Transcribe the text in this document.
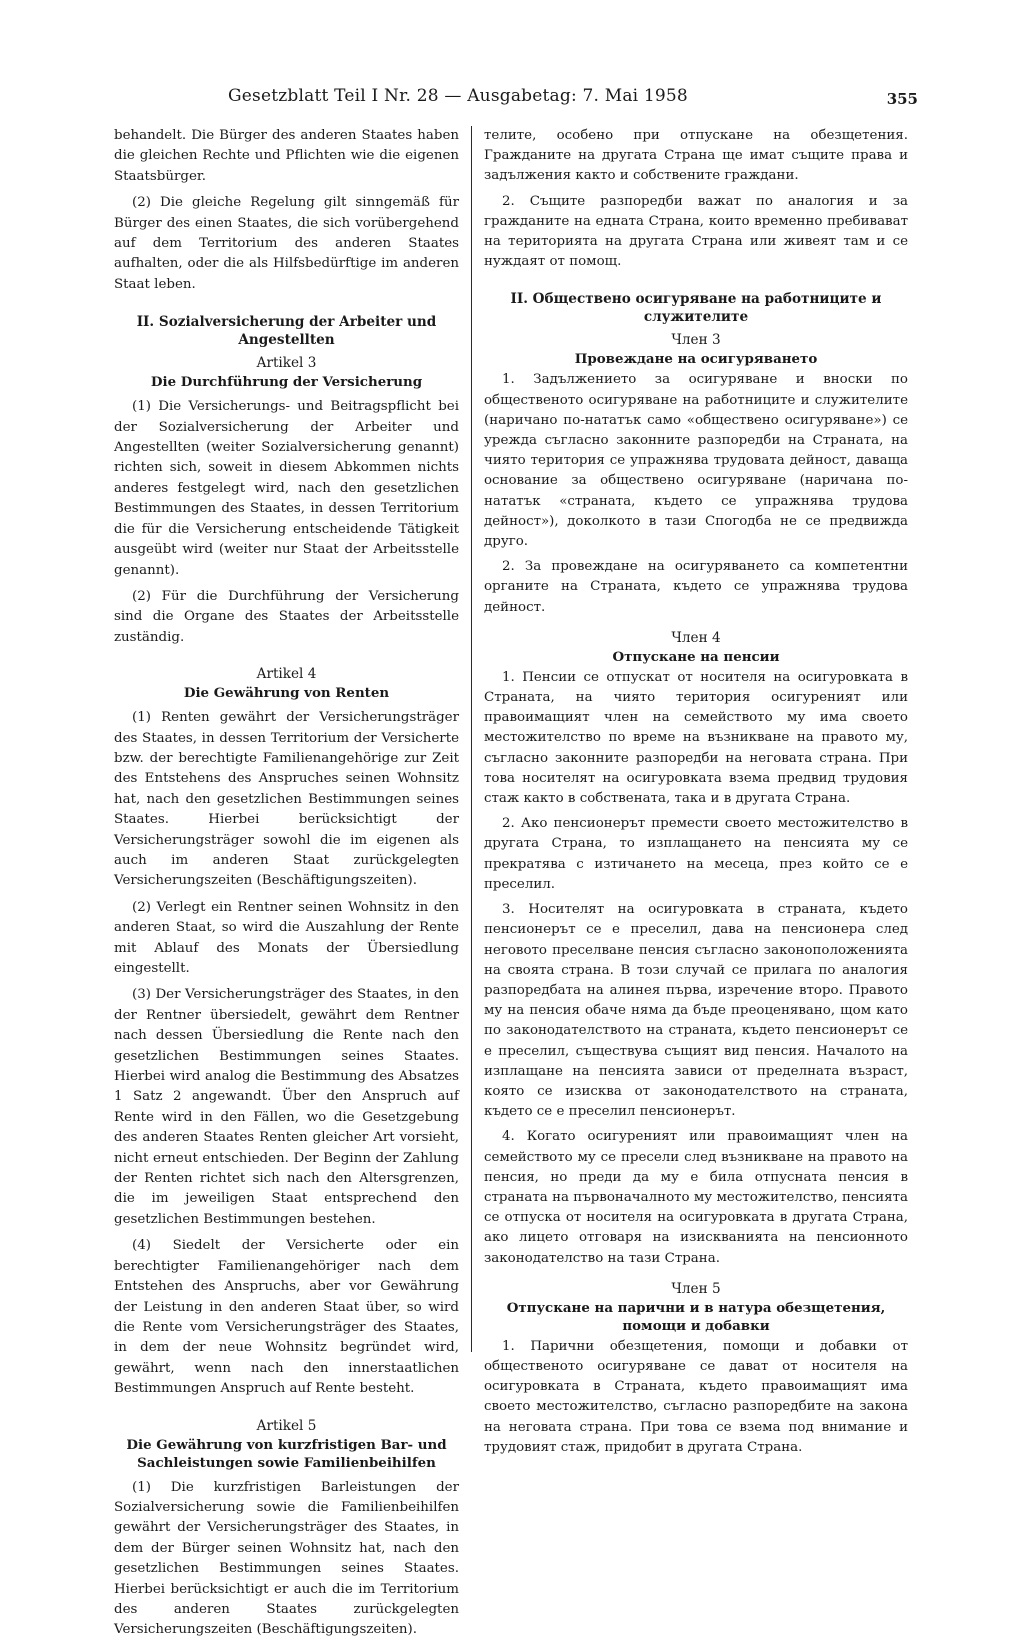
Gesetzblatt Teil I Nr. 28 — Ausgabetag: 7. Mai 1958	355

behandelt. Die Bürger des anderen Staates haben die gleichen Rechte und Pflichten wie die eigenen Staatsbürger.

(2) Die gleiche Regelung gilt sinngemäß für Bürger des einen Staates, die sich vorübergehend auf dem Territorium des anderen Staates aufhalten, oder die als Hilfsbedürftige im anderen Staat leben.

II. Sozialversicherung der Arbeiter und Angestellten
Artikel 3
Die Durchführung der Versicherung

(1) Die Versicherungs- und Beitragspflicht bei der Sozialversicherung der Arbeiter und Angestellten (weiter Sozialversicherung genannt) richten sich, soweit in diesem Abkommen nichts anderes festgelegt wird, nach den gesetzlichen Bestimmungen des Staates, in dessen Territorium die für die Versicherung entscheidende Tätigkeit ausgeübt wird (weiter nur Staat der Arbeitsstelle genannt).

(2) Für die Durchführung der Versicherung sind die Organe des Staates der Arbeitsstelle zuständig.

Artikel 4
Die Gewährung von Renten

(1) Renten gewährt der Versicherungsträger des Staates, in dessen Territorium der Versicherte bzw. der berechtigte Familienangehörige zur Zeit des Entstehens des Anspruches seinen Wohnsitz hat, nach den gesetzlichen Bestimmungen seines Staates. Hierbei berücksichtigt der Versicherungsträger sowohl die im eigenen als auch im anderen Staat zurückgelegten Versicherungszeiten (Beschäftigungszeiten).

(2) Verlegt ein Rentner seinen Wohnsitz in den anderen Staat, so wird die Auszahlung der Rente mit Ablauf des Monats der Übersiedlung eingestellt.

(3) Der Versicherungsträger des Staates, in den der Rentner übersiedelt, gewährt dem Rentner nach dessen Übersiedlung die Rente nach den gesetzlichen Bestimmungen seines Staates. Hierbei wird analog die Bestimmung des Absatzes 1 Satz 2 angewandt. Über den Anspruch auf Rente wird in den Fällen, wo die Gesetzgebung des anderen Staates Renten gleicher Art vorsieht, nicht erneut entschieden. Der Beginn der Zahlung der Renten richtet sich nach den Altersgrenzen, die im jeweiligen Staat entsprechend den gesetzlichen Bestimmungen bestehen.

(4) Siedelt der Versicherte oder ein berechtigter Familienangehöriger nach dem Entstehen des Anspruchs, aber vor Gewährung der Leistung in den anderen Staat über, so wird die Rente vom Versicherungsträger des Staates, in dem der neue Wohnsitz begründet wird, gewährt, wenn nach den innerstaatlichen Bestimmungen Anspruch auf Rente besteht.

Artikel 5
Die Gewährung von kurzfristigen Bar- und Sachleistungen sowie Familienbeihilfen

(1) Die kurzfristigen Barleistungen der Sozialversicherung sowie die Familienbeihilfen gewährt der Versicherungsträger des Staates, in dem der Bürger seinen Wohnsitz hat, nach den gesetzlichen Bestimmungen seines Staates. Hierbei berücksichtigt er auch die im Territorium des anderen Staates zurückgelegten Versicherungszeiten (Beschäftigungszeiten).

телите, особено при отпускане на обезщетения. Гражданите на другата Страна ще имат същите права и задължения както и собствените граждани.

2. Същите разпоредби важат по аналогия и за гражданите на едната Страна, които временно пребивават на територията на другата Страна или живеят там и се нуждаят от помощ.

II. Обществено осигуряване на работниците и служителите
Член 3
Провеждане на осигуряването

1. Задължението за осигуряване и вноски по общественото осигуряване на работниците и служителите (наричано по-нататък само «обществено осигуряване») се урежда съгласно законните разпоредби на Страната, на чиято територия се упражнява трудовата дейност, даваща основание за обществено осигуряване (наричана по-нататък «страната, където се упражнява трудова дейност»), доколкото в тази Спогодба не се предвижда друго.

2. За провеждане на осигуряването са компетентни органите на Страната, където се упражнява трудова дейност.

Член 4
Отпускане на пенсии

1. Пенсии се отпускат от носителя на осигуровката в Страната, на чиято територия осигуреният или правоимащият член на семейството му има своето местожителство по време на възникване на правото му, съгласно законните разпоредби на неговата страна. При това носителят на осигуровката взема предвид трудовия стаж както в собствената, така и в другата Страна.

2. Ако пенсионерът премести своето местожителство в другата Страна, то изплащането на пенсията му се прекратява с изтичането на месеца, през който се е преселил.

3. Носителят на осигуровката в страната, където пенсионерът се е преселил, дава на пенсионера след неговото преселване пенсия съгласно законоположенията на своята страна. В този случай се прилага по аналогия разпоредбата на алинея първа, изречение второ. Правото му на пенсия обаче няма да бъде преоценявано, щом като по законодателството на страната, където пенсионерът се е преселил, съществува същият вид пенсия. Началото на изплащане на пенсията зависи от пределната възраст, която се изисква от законодателството на страната, където се е преселил пенсионерът.

4. Когато осигуреният или правоимащият член на семейството му се пресели след възникване на правото на пенсия, но преди да му е била отпусната пенсия в страната на първоначалното му местожителство, пенсията се отпуска от носителя на осигуровката в другата Страна, ако лицето отговаря на изискванията на пенсионното законодателство на тази Страна.

Член 5
Отпускане на парични и в натура обезщетения, помощи и добавки

1. Парични обезщетения, помощи и добавки от общественото осигуряване се дават от носителя на осигуровката в Страната, където правоимащият има своето местожителство, съгласно разпоредбите на закона на неговата страна. При това се взема под внимание и трудовият стаж, придобит в другата Страна.
